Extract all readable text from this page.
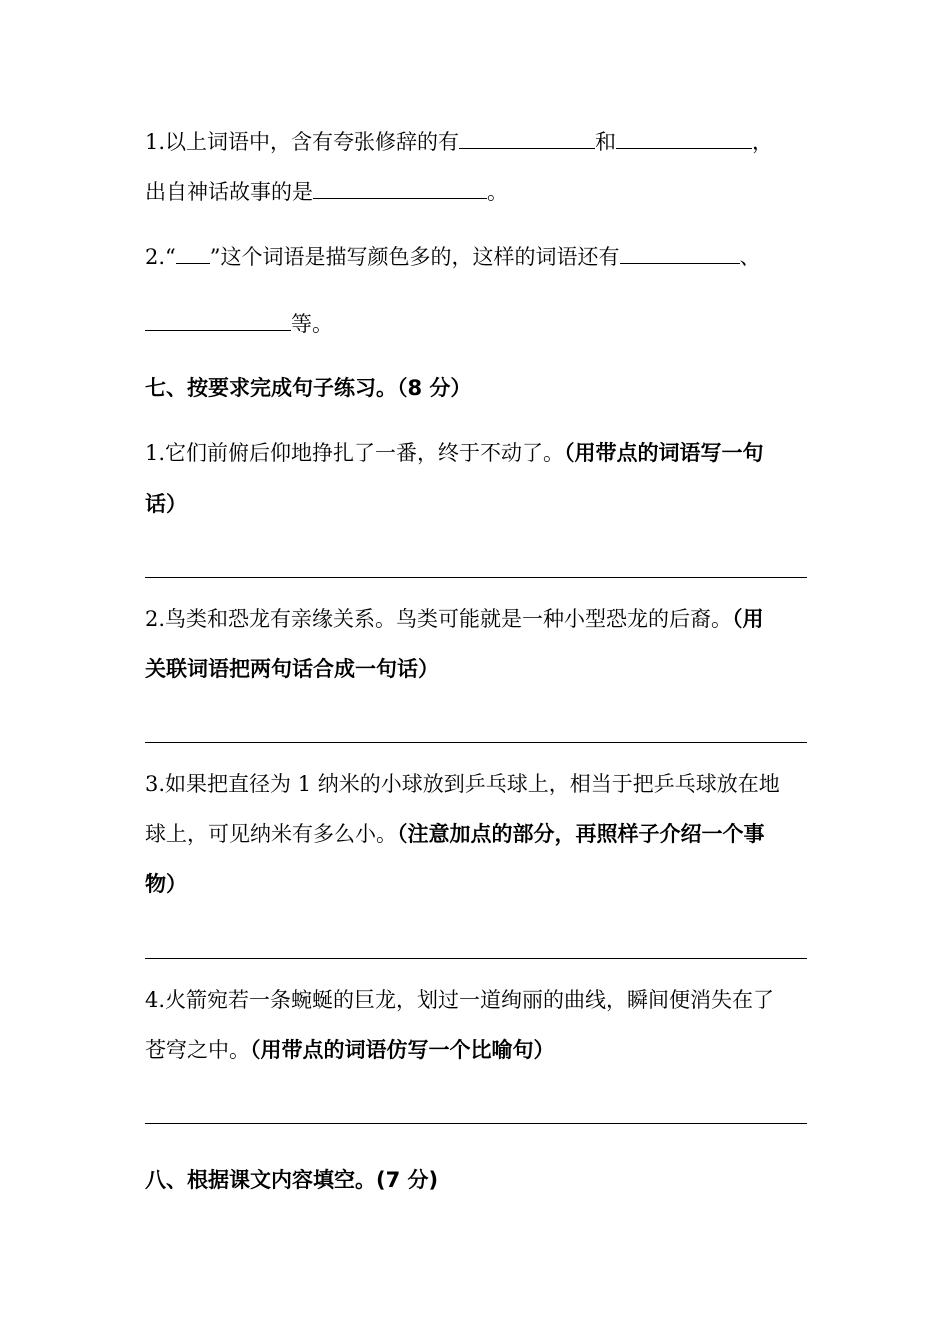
1.以上词语中，含有夸张修辞的有	和	，
出自神话故事的是	。
2.“ ”这个词语是描写颜色多的，这样的词语还有	、
等。
七、按要求完成句子练习。（8 分）
1.它们前俯后仰地挣扎了一番，终于不动了。（用带点的词语写一句
话）
2.鸟类和恐龙有亲缘关系。鸟类可能就是一种小型恐龙的后裔。（用
关联词语把两句话合成一句话）
3.如果把直径为 1 纳米的小球放到乒乓球上，相当于把乒乓球放在地
球上，可见纳米有多么小。（注意加点的部分，再照样子介绍一个事
物）
4.火箭宛若一条蜿蜒的巨龙，划过一道绚丽的曲线，瞬间便消失在了
苍穹之中。（用带点的词语仿写一个比喻句）
八、根据课文内容填空。(7 分)
